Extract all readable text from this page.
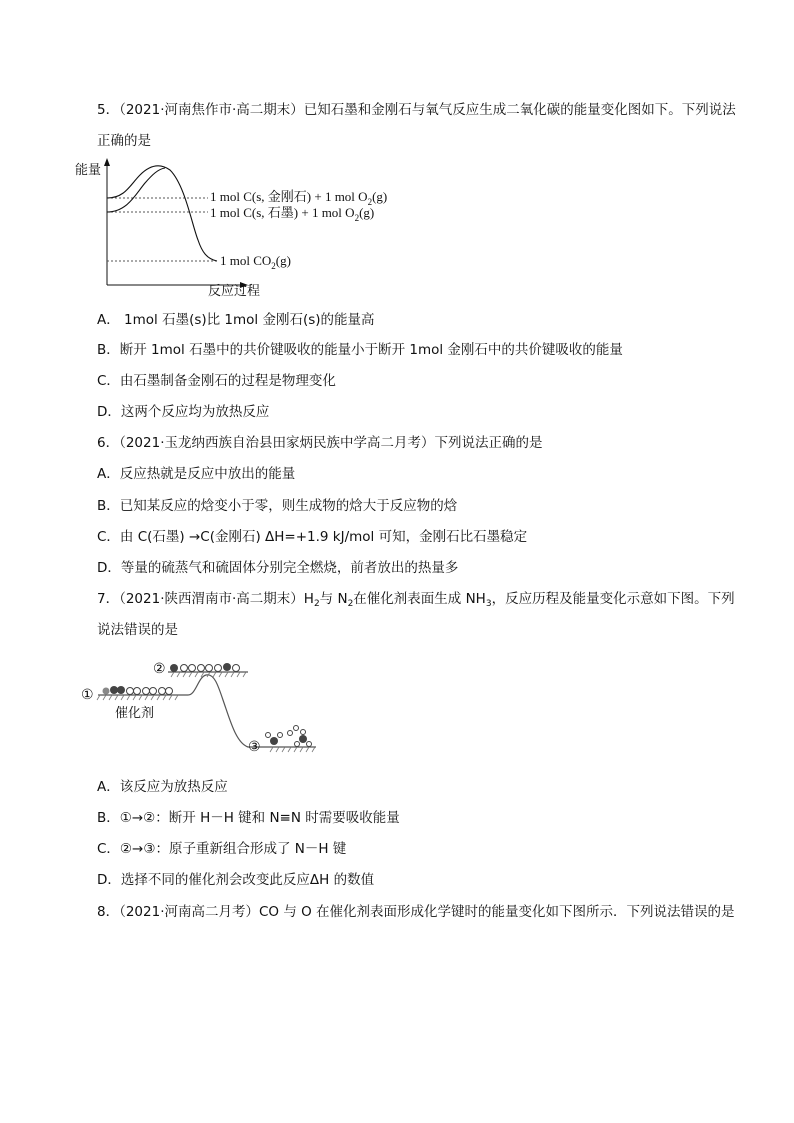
5．（2021·河南焦作市·高二期末）已知石墨和金刚石与氧气反应生成二氧化碳的能量变化图如下。下列说法
正确的是
能量
反应过程
1 mol C(s, 金刚石) + 1 mol $O_2(g)$
1 mol C(s, 石墨) + 1 mol $O_2(g)$
1 mol $CO_2(g)$
A． 1mol 石墨(s)比 1mol 金刚石(s)的能量高
B．断开 1mol 石墨中的共价键吸收的能量小于断开 1mol 金刚石中的共价键吸收的能量
C．由石墨制备金刚石的过程是物理变化
D．这两个反应均为放热反应
6．（2021·玉龙纳西族自治县田家炳民族中学高二月考）下列说法正确的是
A．反应热就是反应中放出的能量
B．已知某反应的焓变小于零，则生成物的焓大于反应物的焓
C．由 C(石墨) →C(金刚石) ΔH=+1.9 kJ/mol 可知，金刚石比石墨稳定
D．等量的硫蒸气和硫固体分别完全燃烧，前者放出的热量多
7．（2021·陕西渭南市·高二期末）$H_2$与 $N_2$在催化剂表面生成 $NH_3$，反应历程及能量变化示意如下图。下列
说法错误的是
①
②
③
催化剂
A．该反应为放热反应
B．①→②：断开 H－H 键和 N≡N 时需要吸收能量
C．②→③：原子重新组合形成了 N－H 键
D．选择不同的催化剂会改变此反应ΔH 的数值
8．（2021·河南高二月考）CO 与 O 在催化剂表面形成化学键时的能量变化如下图所示．下列说法错误的是
